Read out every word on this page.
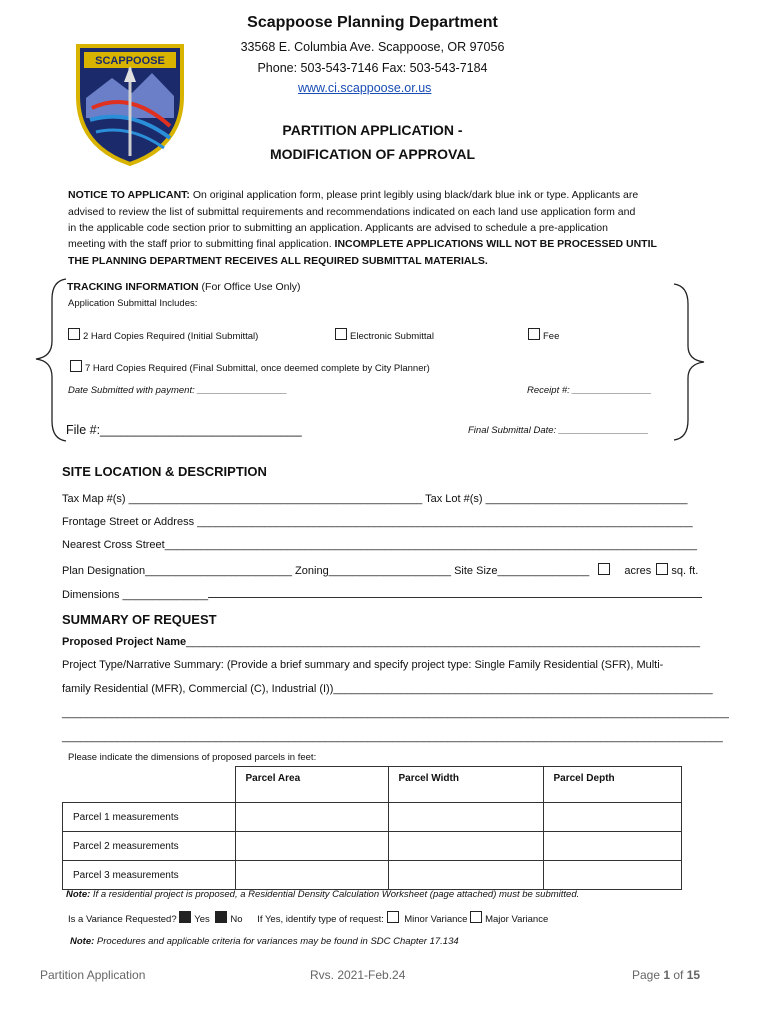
SCAPPOOSE
Scappoose Planning Department
33568 E. Columbia Ave. Scappoose, OR 97056
Phone: 503-543-7146 Fax: 503-543-7184
www.ci.scappoose.or.us
PARTITION APPLICATION -
MODIFICATION OF APPROVAL
NOTICE TO APPLICANT: On original application form, please print legibly using black/dark blue ink or type. Applicants are
advised to review the list of submittal requirements and recommendations indicated on each land use application form and
in the applicable code section prior to submitting an application. Applicants are advised to schedule a pre-application
meeting with the staff prior to submitting final application. INCOMPLETE APPLICATIONS WILL NOT BE PROCESSED UNTIL
THE PLANNING DEPARTMENT RECEIVES ALL REQUIRED SUBMITTAL MATERIALS.
TRACKING INFORMATION (For Office Use Only)
Application Submittal Includes:
2 Hard Copies Required (Initial Submittal)	Electronic Submittal	Fee
7 Hard Copies Required (Final Submittal, once deemed complete by City Planner)
Date Submitted with payment: _________________	Receipt #: _______________
File #:_____________________________	Final Submittal Date: _________________
SITE LOCATION & DESCRIPTION
Tax Map #(s) ________________________________________________ Tax Lot #(s) _________________________________
Frontage Street or Address _________________________________________________________________________________
Nearest Cross Street_______________________________________________________________________________________
Plan Designation________________________ Zoning____________________ Site Size_______________	acres sq. ft.
Dimensions ______________
SUMMARY OF REQUEST
Proposed Project Name____________________________________________________________________________________
Project Type/Narrative Summary: (Provide a brief summary and specify project type: Single Family Residential (SFR), Multi-
family Residential (MFR), Commercial (C), Industrial (I))______________________________________________________________
_____________________________________________________________________________________________________________
____________________________________________________________________________________________________________
Please indicate the dimensions of proposed parcels in feet:
	Parcel Area	Parcel Width	Parcel Depth
Parcel 1 measurements			
Parcel 2 measurements			
Parcel 3 measurements			
Note: If a residential project is proposed, a Residential Density Calculation Worksheet (page attached) must be submitted.
Is a Variance Requested? Yes No If Yes, identify type of request:  Minor Variance Major Variance
Note: Procedures and applicable criteria for variances may be found in SDC Chapter 17.134
Partition Application	Rvs. 2021-Feb.24	Page 1 of 15
